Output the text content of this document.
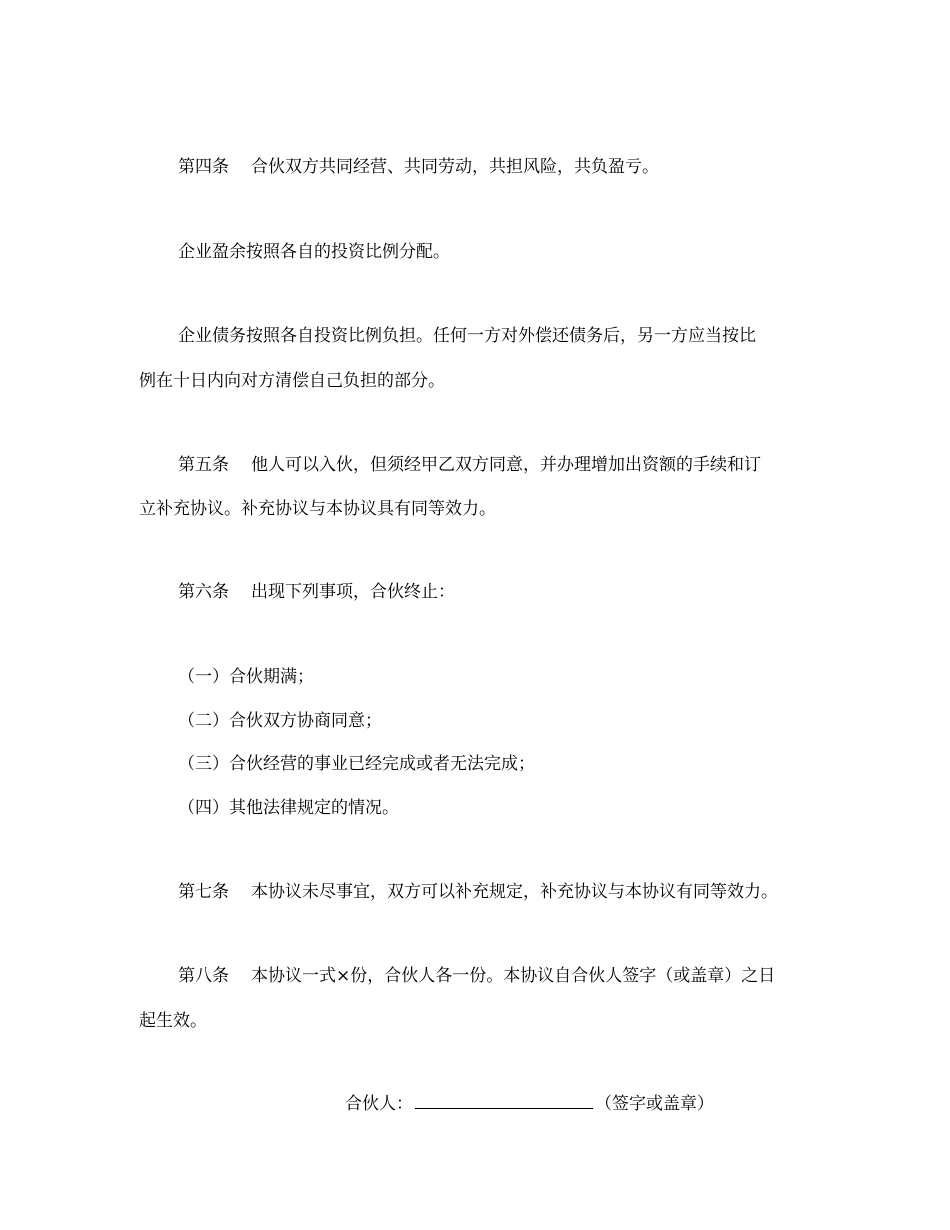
第四条 合伙双方共同经营、共同劳动，共担风险，共负盈亏。
企业盈余按照各自的投资比例分配。
企业债务按照各自投资比例负担。任何一方对外偿还债务后，另一方应当按比
例在十日内向对方清偿自己负担的部分。
第五条 他人可以入伙，但须经甲乙双方同意，并办理增加出资额的手续和订
立补充协议。补充协议与本协议具有同等效力。
第六条 出现下列事项，合伙终止：
（一）合伙期满；
（二）合伙双方协商同意；
（三）合伙经营的事业已经完成或者无法完成；
（四）其他法律规定的情况。
第七条 本协议未尽事宜，双方可以补充规定，补充协议与本协议有同等效力。
第八条 本协议一式×份，合伙人各一份。本协议自合伙人签字（或盖章）之日
起生效。
合伙人：	（签字或盖章）
